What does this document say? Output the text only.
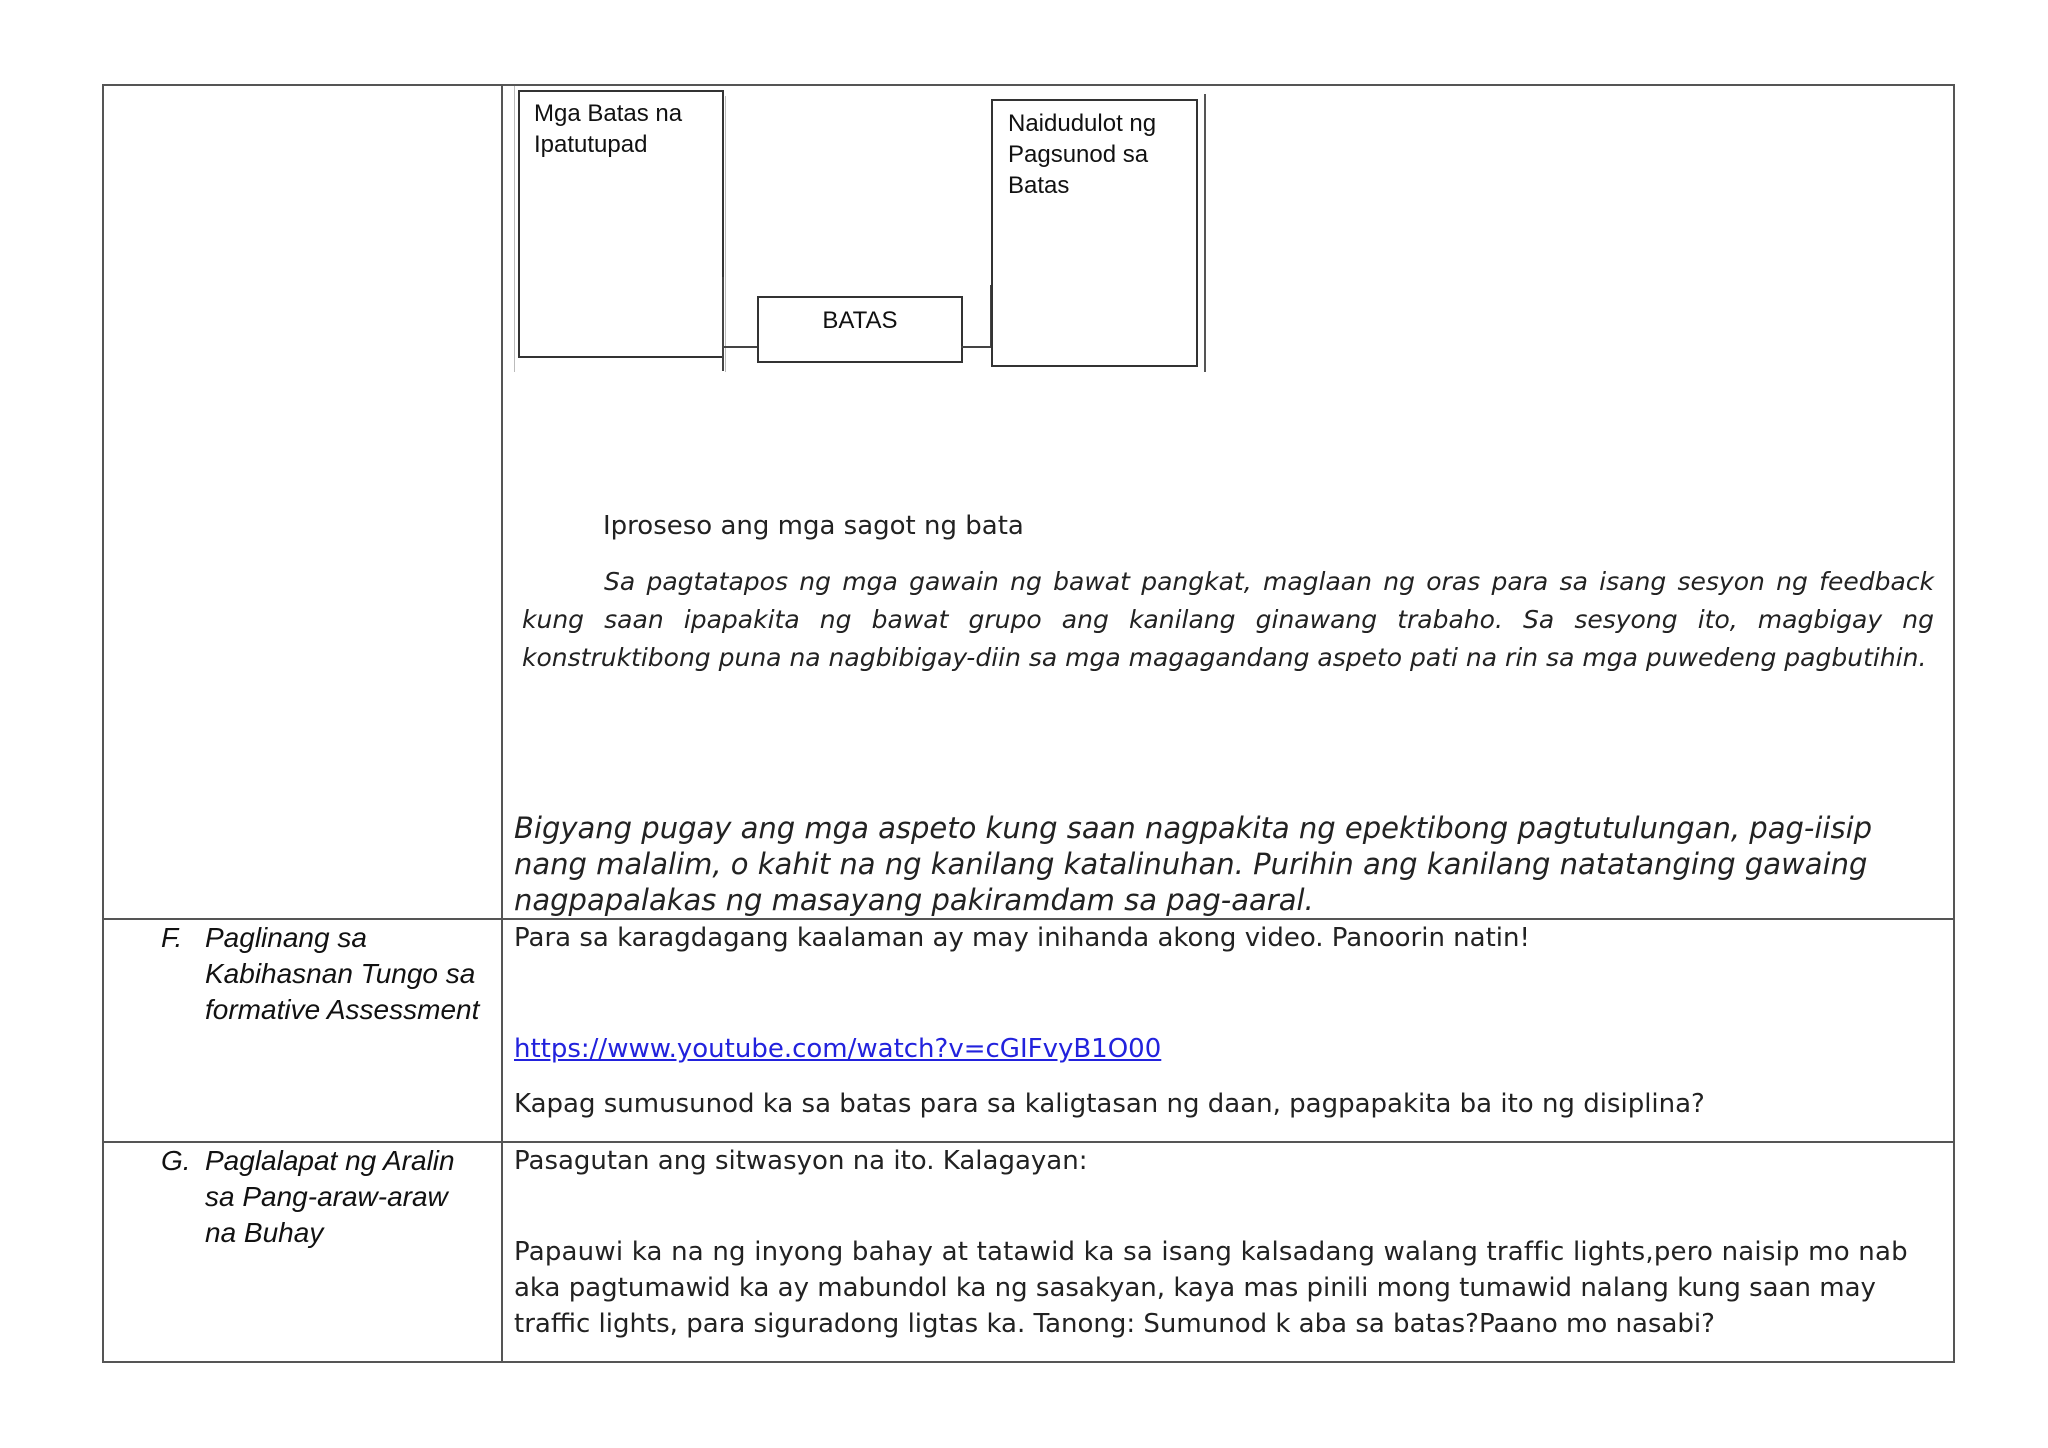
Mga Batas na Ipatutupad
BATAS
Naidudulot ng Pagsunod sa Batas
Iproseso ang mga sagot ng bata
Sa pagtatapos ng mga gawain ng bawat pangkat, maglaan ng oras para sa isang sesyon ng feedback kung saan ipapakita ng bawat grupo ang kanilang ginawang trabaho. Sa sesyong ito, magbigay ng konstruktibong puna na nagbibigay-diin sa mga magagandang aspeto pati na rin sa mga puwedeng pagbutihin.
Bigyang pugay ang mga aspeto kung saan nagpakita ng epektibong pagtutulungan, pag-iisip nang malalim, o kahit na ng kanilang katalinuhan. Purihin ang kanilang natatanging gawaing nagpapalakas ng masayang pakiramdam sa pag-aaral.
F. Paglinang sa Kabihasnan Tungo sa formative Assessment
Para sa karagdagang kaalaman ay may inihanda akong video. Panoorin natin!
https://www.youtube.com/watch?v=cGIFvyB1O00
Kapag sumusunod ka sa batas para sa kaligtasan ng daan, pagpapakita ba ito ng disiplina?
G. Paglalapat ng Aralin sa Pang-araw-araw na Buhay
Pasagutan ang sitwasyon na ito. Kalagayan:
Papauwi ka na ng inyong bahay at tatawid ka sa isang kalsadang walang traffic lights,pero naisip mo nab
aka pagtumawid ka ay mabundol ka ng sasakyan, kaya mas pinili mong tumawid nalang kung saan may
traffic lights, para siguradong ligtas ka. Tanong: Sumunod k aba sa batas?Paano mo nasabi?
